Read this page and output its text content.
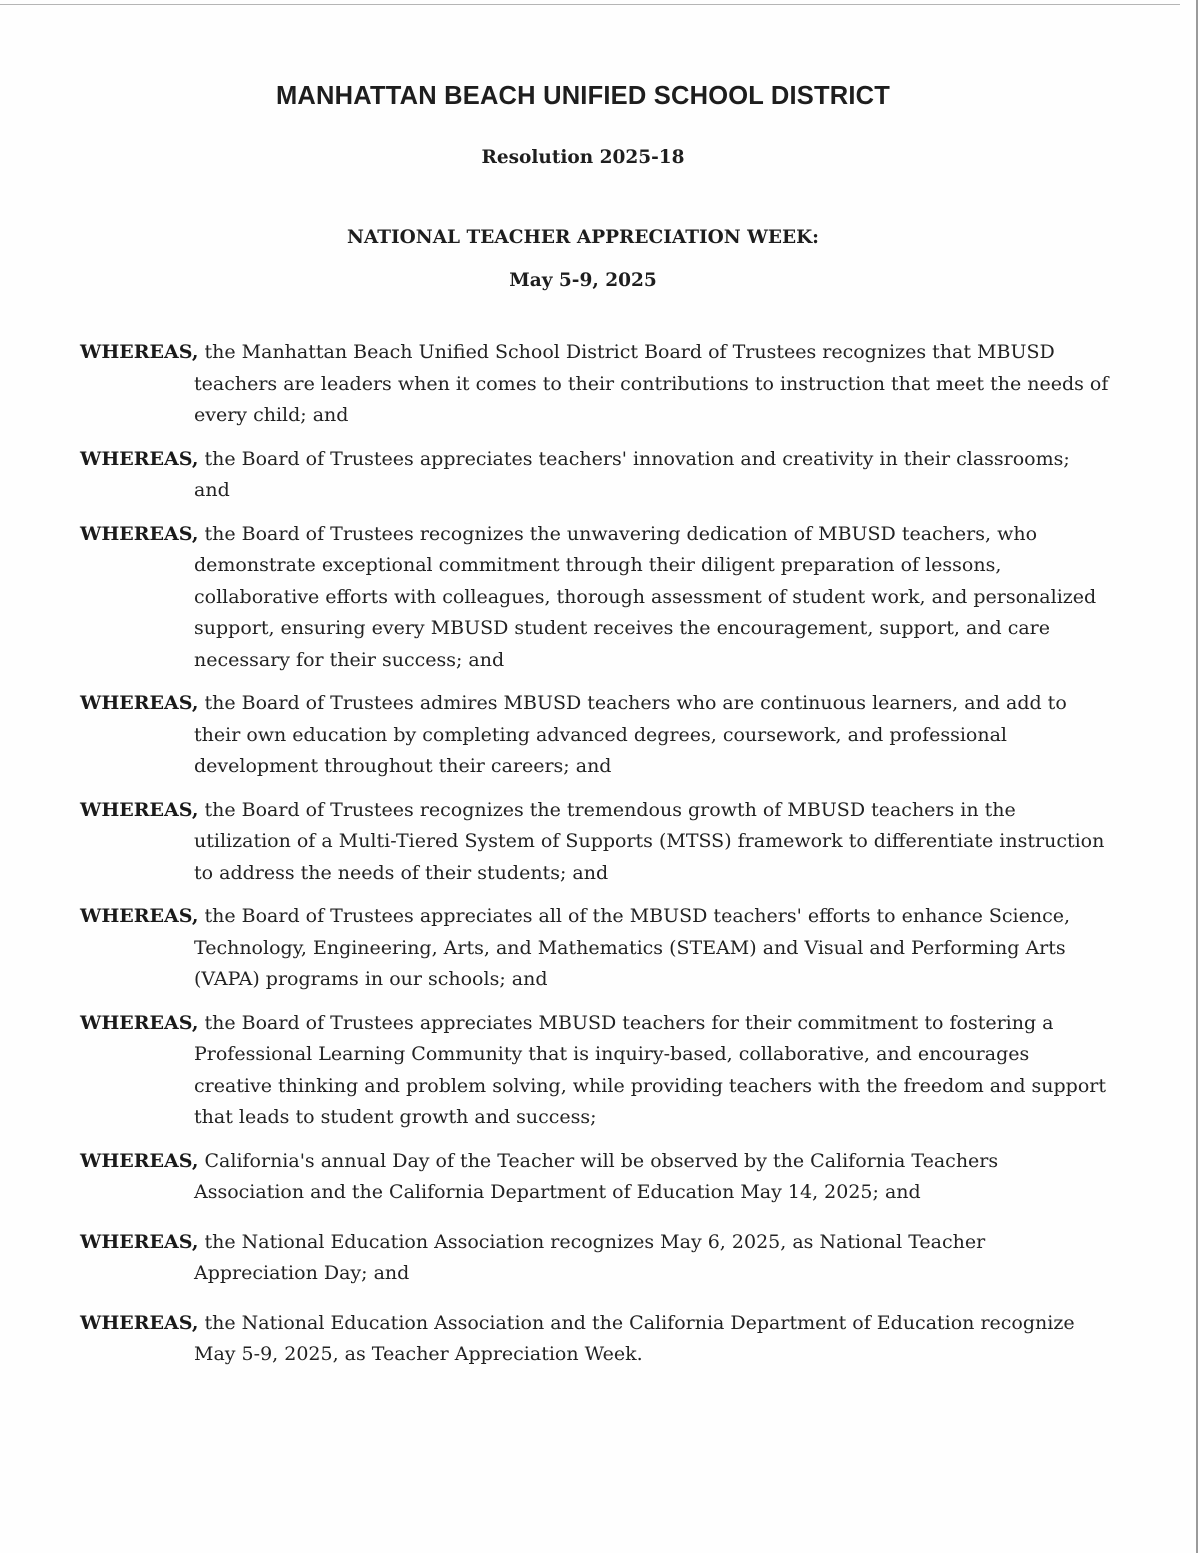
MANHATTAN BEACH UNIFIED SCHOOL DISTRICT
Resolution 2025-18
NATIONAL TEACHER APPRECIATION WEEK:
May 5-9, 2025

WHEREAS, the Manhattan Beach Unified School District Board of Trustees recognizes that MBUSD teachers are leaders when it comes to their contributions to instruction that meet the needs of every child; and

WHEREAS, the Board of Trustees appreciates teachers' innovation and creativity in their classrooms; and

WHEREAS, the Board of Trustees recognizes the unwavering dedication of MBUSD teachers, who demonstrate exceptional commitment through their diligent preparation of lessons, collaborative efforts with colleagues, thorough assessment of student work, and personalized support, ensuring every MBUSD student receives the encouragement, support, and care necessary for their success; and

WHEREAS, the Board of Trustees admires MBUSD teachers who are continuous learners, and add to their own education by completing advanced degrees, coursework, and professional development throughout their careers; and

WHEREAS, the Board of Trustees recognizes the tremendous growth of MBUSD teachers in the utilization of a Multi-Tiered System of Supports (MTSS) framework to differentiate instruction to address the needs of their students; and

WHEREAS, the Board of Trustees appreciates all of the MBUSD teachers' efforts to enhance Science, Technology, Engineering, Arts, and Mathematics (STEAM) and Visual and Performing Arts (VAPA) programs in our schools; and

WHEREAS, the Board of Trustees appreciates MBUSD teachers for their commitment to fostering a Professional Learning Community that is inquiry-based, collaborative, and encourages creative thinking and problem solving, while providing teachers with the freedom and support that leads to student growth and success;

WHEREAS, California's annual Day of the Teacher will be observed by the California Teachers Association and the California Department of Education May 14, 2025; and

WHEREAS, the National Education Association recognizes May 6, 2025, as National Teacher Appreciation Day; and

WHEREAS, the National Education Association and the California Department of Education recognize May 5-9, 2025, as Teacher Appreciation Week.
